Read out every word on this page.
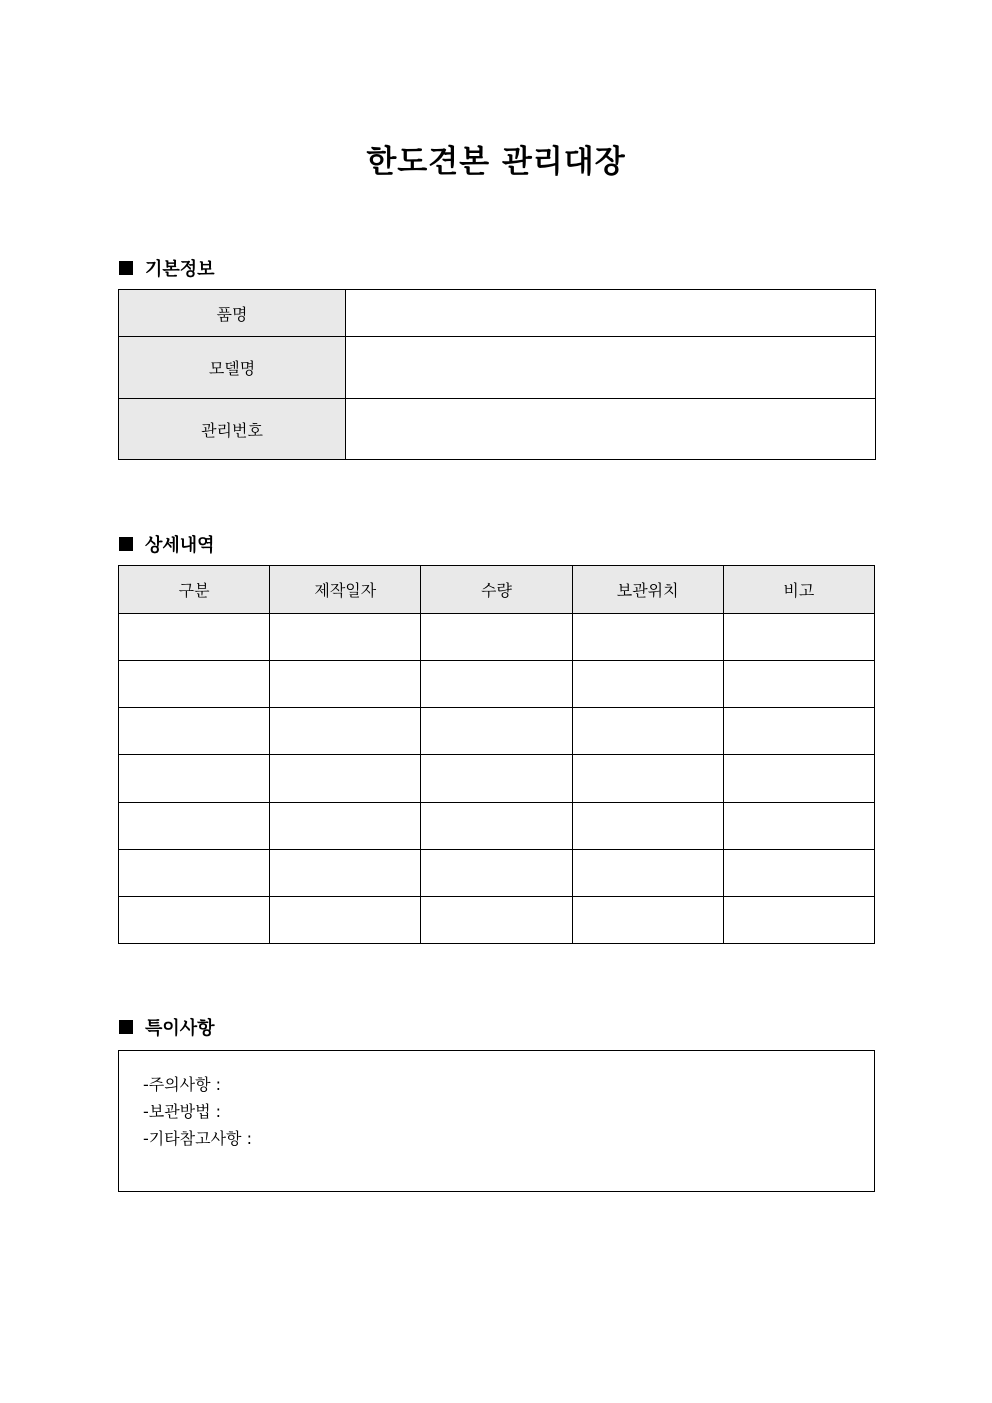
한도견본 관리대장
기본정보
품명	
모델명	
관리번호	
상세내역
구분	제작일자	수량	보관위치	비고

특이사항
-주의사항 :
-보관방법 :
-기타참고사항 :
